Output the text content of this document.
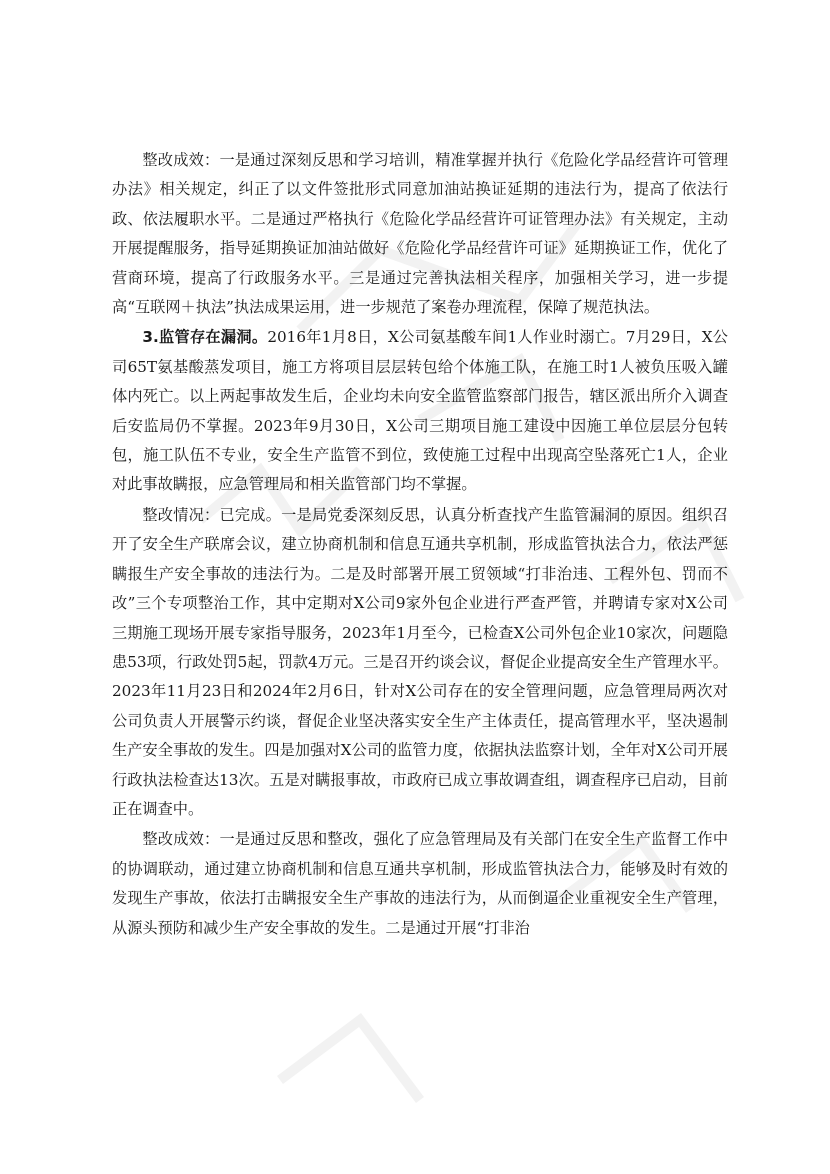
整改成效：一是通过深刻反思和学习培训，精准掌握并执行《危险化学品经营许可管理办法》相关规定，纠正了以文件签批形式同意加油站换证延期的违法行为，提高了依法行政、依法履职水平。二是通过严格执行《危险化学品经营许可证管理办法》有关规定，主动开展提醒服务，指导延期换证加油站做好《危险化学品经营许可证》延期换证工作，优化了营商环境，提高了行政服务水平。三是通过完善执法相关程序，加强相关学习，进一步提高“互联网＋执法”执法成果运用，进一步规范了案卷办理流程，保障了规范执法。

3.监管存在漏洞。2016年1月8日，X公司氨基酸车间1人作业时溺亡。7月29日，X公司65T氨基酸蒸发项目，施工方将项目层层转包给个体施工队，在施工时1人被负压吸入罐体内死亡。以上两起事故发生后，企业均未向安全监管监察部门报告，辖区派出所介入调查后安监局仍不掌握。2023年9月30日，X公司三期项目施工建设中因施工单位层层分包转包，施工队伍不专业，安全生产监管不到位，致使施工过程中出现高空坠落死亡1人，企业对此事故瞒报，应急管理局和相关监管部门均不掌握。

整改情况：已完成。一是局党委深刻反思，认真分析查找产生监管漏洞的原因。组织召开了安全生产联席会议，建立协商机制和信息互通共享机制，形成监管执法合力，依法严惩瞒报生产安全事故的违法行为。二是及时部署开展工贸领域“打非治违、工程外包、罚而不改”三个专项整治工作，其中定期对X公司9家外包企业进行严查严管，并聘请专家对X公司三期施工现场开展专家指导服务，2023年1月至今，已检查X公司外包企业10家次，问题隐患53项，行政处罚5起，罚款4万元。三是召开约谈会议，督促企业提高安全生产管理水平。2023年11月23日和2024年2月6日，针对X公司存在的安全管理问题，应急管理局两次对公司负责人开展警示约谈，督促企业坚决落实安全生产主体责任，提高管理水平，坚决遏制生产安全事故的发生。四是加强对X公司的监管力度，依据执法监察计划，全年对X公司开展行政执法检查达13次。五是对瞒报事故，市政府已成立事故调查组，调查程序已启动，目前正在调查中。

整改成效：一是通过反思和整改，强化了应急管理局及有关部门在安全生产监督工作中的协调联动，通过建立协商机制和信息互通共享机制，形成监管执法合力，能够及时有效的发现生产事故，依法打击瞒报安全生产事故的违法行为，从而倒逼企业重视安全生产管理，从源头预防和减少生产安全事故的发生。二是通过开展“打非治
